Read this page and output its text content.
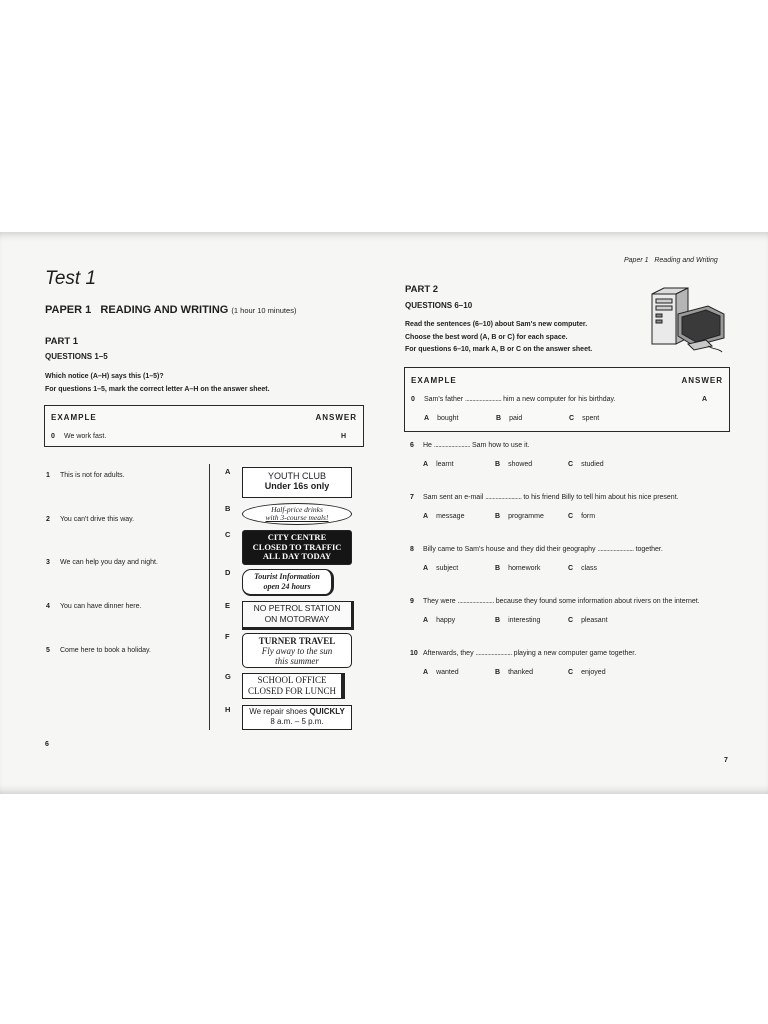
Test 1
PAPER 1   READING AND WRITING (1 hour 10 minutes)
PART 1
QUESTIONS 1–5
Which notice (A–H) says this (1–5)?
For questions 1–5, mark the correct letter A–H on the answer sheet.
EXAMPLE	ANSWER
0 We work fast.	H
1 This is not for adults.
2 You can't drive this way.
3 We can help you day and night.
4 You can have dinner here.
5 Come here to book a holiday.
A	YOUTH CLUB
Under 16s only
B	Half-price drinks
with 3-course meals!
C	CITY CENTRE
CLOSED TO TRAFFIC
ALL DAY TODAY
D	Tourist Information
open 24 hours
E	NO PETROL STATION
ON MOTORWAY
F	TURNER TRAVEL
Fly away to the sun
this summer
G	SCHOOL OFFICE
CLOSED FOR LUNCH
H	We repair shoes QUICKLY
8 a.m. – 5 p.m.
6
Paper 1   Reading and Writing
PART 2
QUESTIONS 6–10
Read the sentences (6–10) about Sam's new computer.
Choose the best word (A, B or C) for each space.
For questions 6–10, mark A, B or C on the answer sheet.
EXAMPLE	ANSWER
0 Sam's father ......................... him a new computer for his birthday.	A
A bought	B paid	C spent
6 He ......................... Sam how to use it.
A learnt	B showed	C studied
7 Sam sent an e-mail ......................... to his friend Billy to tell him about his nice present.
A message	B programme	C form
8 Billy came to Sam's house and they did their geography ......................... together.
A subject	B homework	C class
9 They were ......................... because they found some information about rivers on the internet.
A happy	B interesting	C pleasant
10 Afterwards, they ......................... playing a new computer game together.
A wanted	B thanked	C enjoyed
7
